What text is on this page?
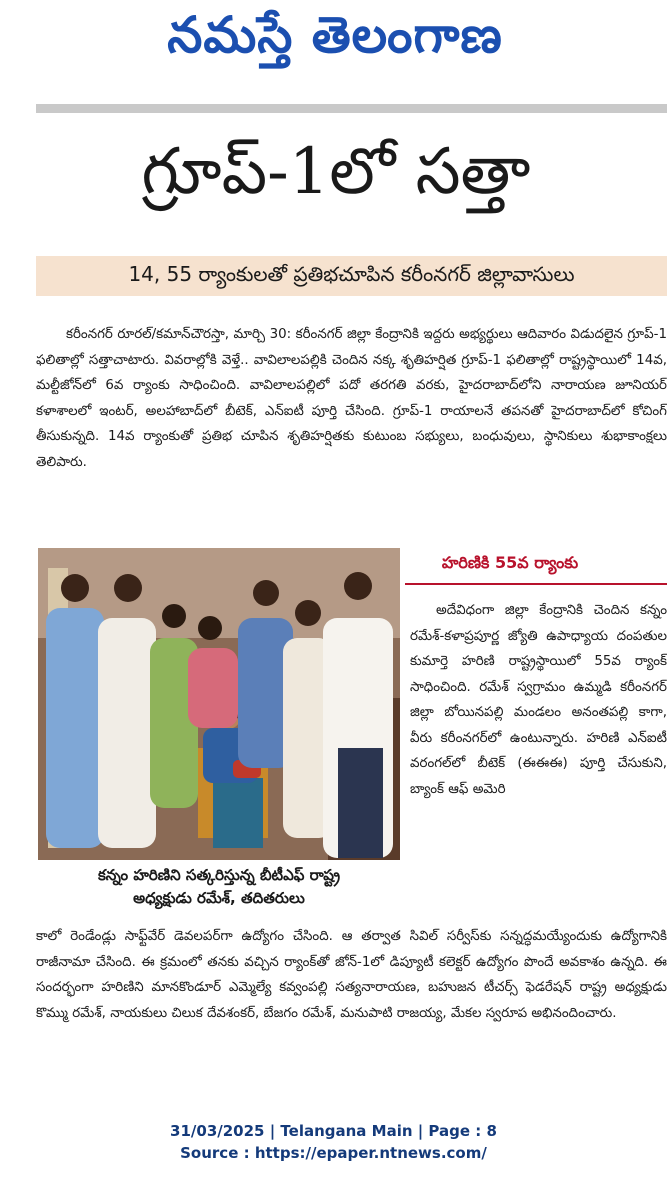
నమస్తే తెలంగాణ
గ్రూప్-1లో సత్తా
14, 55 ర్యాంకులతో ప్రతిభచూపిన కరీంనగర్ జిల్లావాసులు
కరీంనగర్ రూరల్/కమాన్‌చౌరస్తా, మార్చి 30: కరీంనగర్ జిల్లా కేంద్రానికి ఇద్దరు అభ్యర్థులు ఆదివారం విడుదలైన గ్రూప్-1 ఫలితాల్లో సత్తాచాటారు. వివరాల్లోకి వెళ్తే.. వావిలాలపల్లికి చెందిన నక్క శృతిహర్షిత గ్రూప్-1 ఫలితాల్లో రాష్ట్రస్థాయిలో 14వ, మల్టీజోన్‌లో 6వ ర్యాంకు సాధించింది. వావిలాలపల్లిలో పదో తరగతి వరకు, హైదరాబాద్‌లోని నారాయణ జూనియర్ కళాశాలలో ఇంటర్, అలహాబాద్‌లో బీటెక్, ఎన్ఐటీ పూర్తి చేసింది. గ్రూప్-1 రాయాలనే తపనతో హైదరాబాద్‌లో కోచింగ్ తీసుకున్నది. 14వ ర్యాంకుతో ప్రతిభ చూపిన శృతిహర్షితకు కుటుంబ సభ్యులు, బంధువులు, స్థానికులు శుభాకాంక్షలు తెలిపారు.
కన్నం హరిణిని సత్కరిస్తున్న బీటీఎఫ్ రాష్ట్ర
అధ్యక్షుడు రమేశ్, తదితరులు
హరిణికి 55వ ర్యాంకు
అదేవిధంగా జిల్లా కేంద్రానికి చెందిన కన్నం రమేశ్-కళాప్రపూర్ణ జ్యోతి ఉపాధ్యాయ దంపతుల కుమార్తె హరిణి రాష్ట్రస్థాయిలో 55వ ర్యాంక్ సాధించింది. రమేశ్ స్వగ్రామం ఉమ్మడి కరీంనగర్ జిల్లా బోయినపల్లి మండలం అనంతపల్లి కాగా, వీరు కరీంనగర్‌లో ఉంటున్నారు. హరిణి ఎన్ఐటీ వరంగల్‌లో బీటెక్ (ఈఈఈ) పూర్తి చేసుకుని, బ్యాంక్ ఆఫ్ అమెరి
కాలో రెండేండ్లు సాఫ్ట్‌వేర్ డెవలపర్‌గా ఉద్యోగం చేసింది. ఆ తర్వాత సివిల్ సర్వీస్‌కు సన్నద్ధమయ్యేందుకు ఉద్యోగానికి రాజీనామా చేసింది. ఈ క్రమంలో తనకు వచ్చిన ర్యాంక్‌తో జోన్-1లో డిప్యూటీ కలెక్టర్ ఉద్యోగం పొందే అవకాశం ఉన్నది. ఈ సందర్భంగా హరిణిని మానకొండూర్ ఎమ్మెల్యే కవ్వంపల్లి సత్యనారాయణ, బహుజన టీచర్స్ ఫెడరేషన్ రాష్ట్ర అధ్యక్షుడు కొమ్ము రమేశ్, నాయకులు చిలుక దేవశంకర్, బేజగం రమేశ్, మనుపాటి రాజయ్య, మేకల స్వరూప అభినందించారు.
31/03/2025 | Telangana Main | Page : 8
Source : https://epaper.ntnews.com/
